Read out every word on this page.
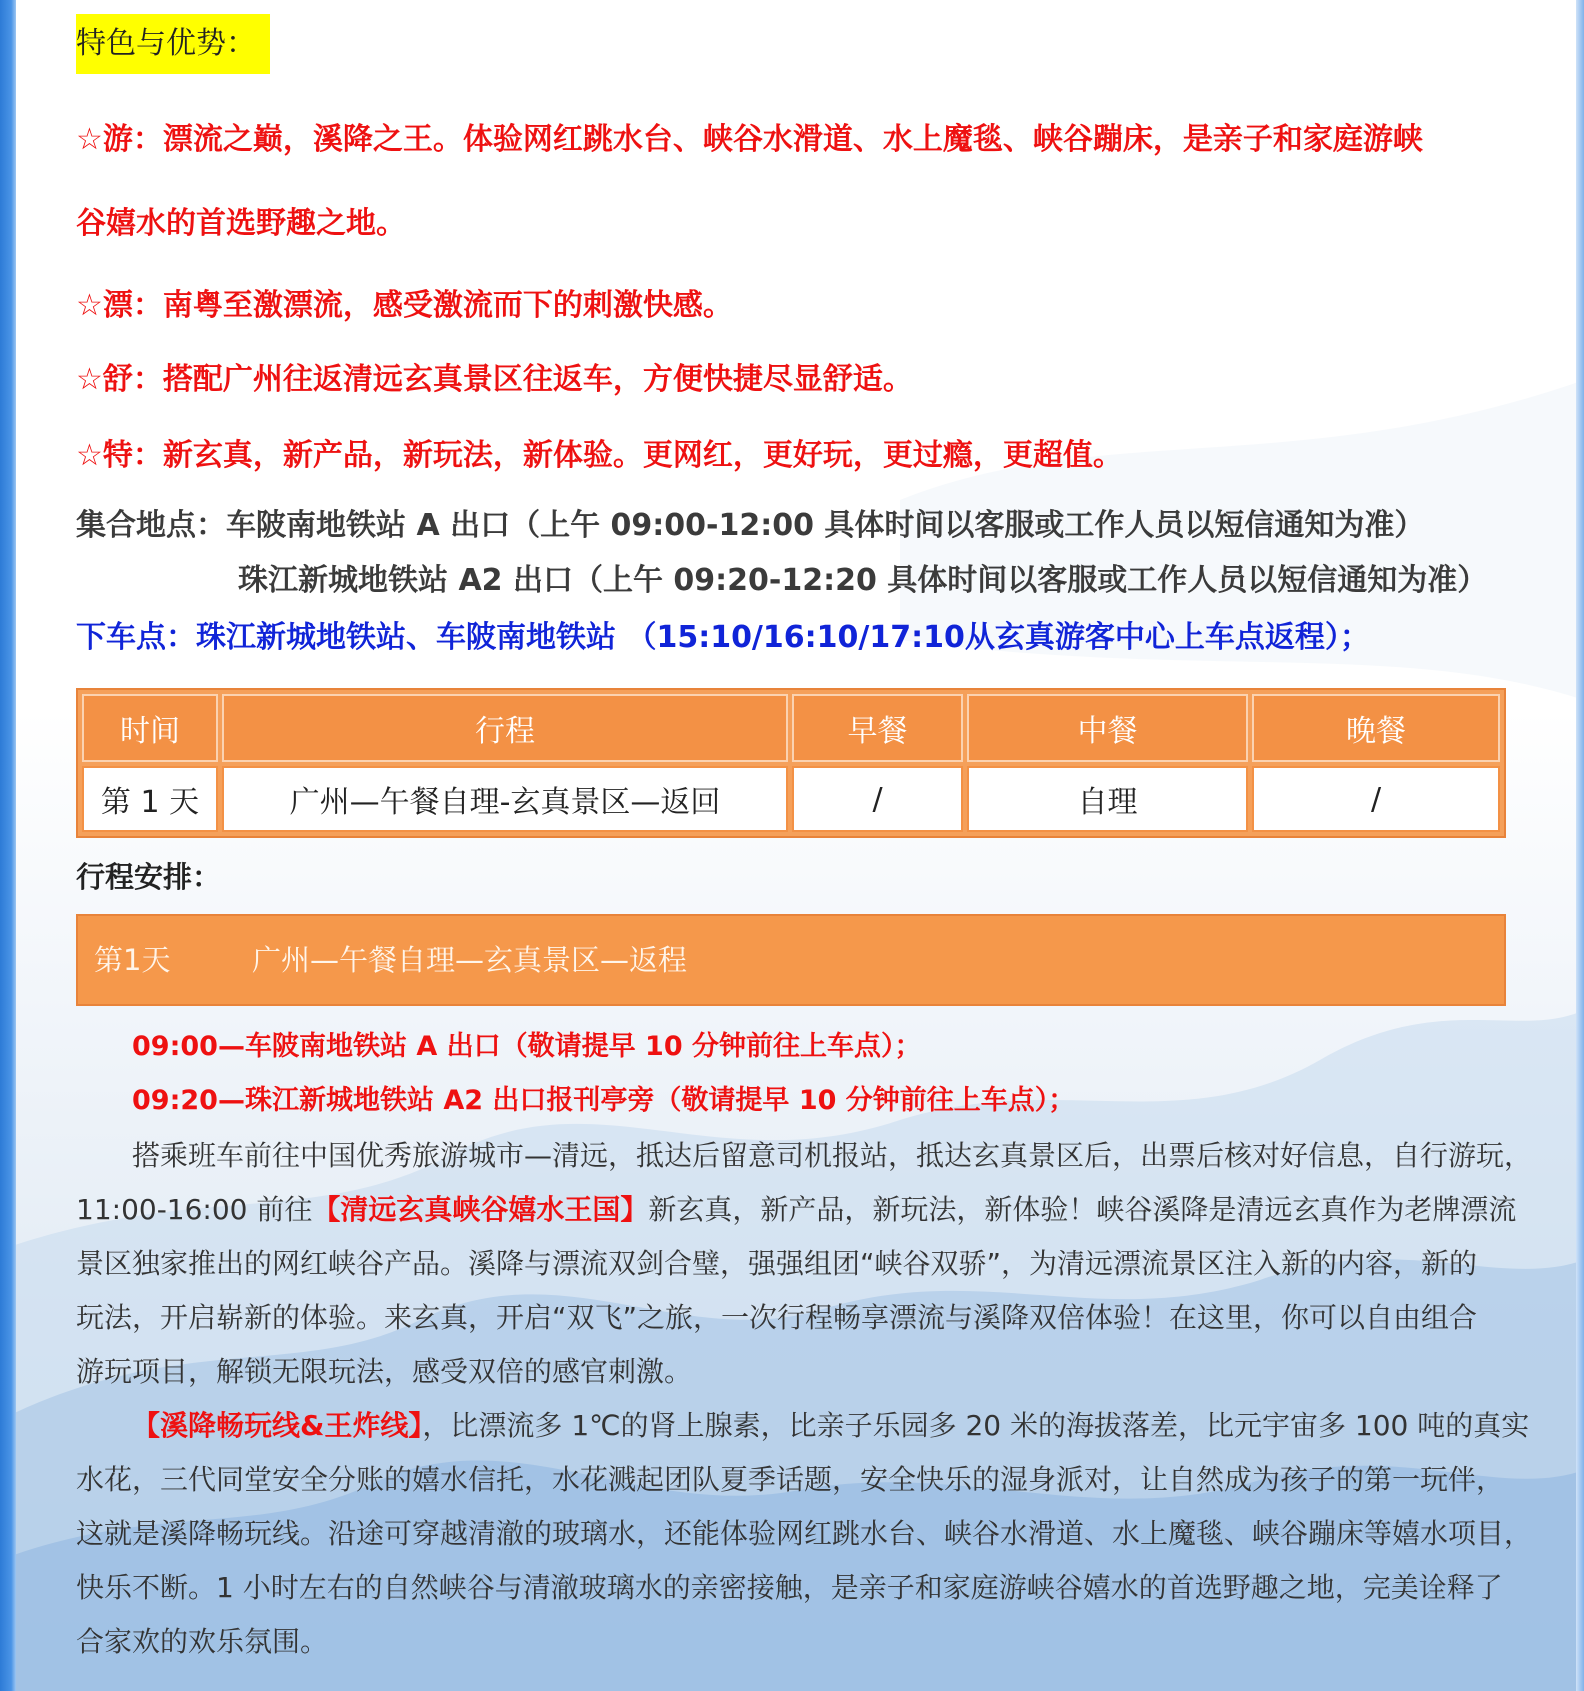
特色与优势：
☆游：漂流之巅，溪降之王。体验网红跳水台、峡谷水滑道、水上魔毯、峡谷蹦床，是亲子和家庭游峡
谷嬉水的首选野趣之地。
☆漂：南粤至激漂流，感受激流而下的刺激快感。
☆舒：搭配广州往返清远玄真景区往返车，方便快捷尽显舒适。
☆特：新玄真，新产品，新玩法，新体验。更网红，更好玩，更过瘾，更超值。
集合地点：车陂南地铁站 A 出口（上午 09:00-12:00 具体时间以客服或工作人员以短信通知为准）
珠江新城地铁站 A2 出口（上午 09:20-12:20 具体时间以客服或工作人员以短信通知为准）
下车点：珠江新城地铁站、车陂南地铁站 （15:10/16:10/17:10从玄真游客中心上车点返程）；
时间	行程	早餐	中餐	晚餐
第 1 天	广州—午餐自理-玄真景区—返回	/	自理	/
行程安排：
第1天	广州—午餐自理—玄真景区—返程
09:00—车陂南地铁站 A 出口（敬请提早 10 分钟前往上车点）；
09:20—珠江新城地铁站 A2 出口报刊亭旁（敬请提早 10 分钟前往上车点）；
搭乘班车前往中国优秀旅游城市—清远，抵达后留意司机报站，抵达玄真景区后，出票后核对好信息，自行游玩，
11:00-16:00 前往【清远玄真峡谷嬉水王国】新玄真，新产品，新玩法，新体验！峡谷溪降是清远玄真作为老牌漂流
景区独家推出的网红峡谷产品。溪降与漂流双剑合璧，强强组团“峡谷双骄”，为清远漂流景区注入新的内容，新的
玩法，开启崭新的体验。来玄真，开启“双飞”之旅，一次行程畅享漂流与溪降双倍体验！在这里，你可以自由组合
游玩项目，解锁无限玩法，感受双倍的感官刺激。
【溪降畅玩线&王炸线】，比漂流多 1℃的肾上腺素，比亲子乐园多 20 米的海拔落差，比元宇宙多 100 吨的真实
水花，三代同堂安全分账的嬉水信托，水花溅起团队夏季话题，安全快乐的湿身派对，让自然成为孩子的第一玩伴，
这就是溪降畅玩线。沿途可穿越清澈的玻璃水，还能体验网红跳水台、峡谷水滑道、水上魔毯、峡谷蹦床等嬉水项目，
快乐不断。1 小时左右的自然峡谷与清澈玻璃水的亲密接触，是亲子和家庭游峡谷嬉水的首选野趣之地，完美诠释了
合家欢的欢乐氛围。
